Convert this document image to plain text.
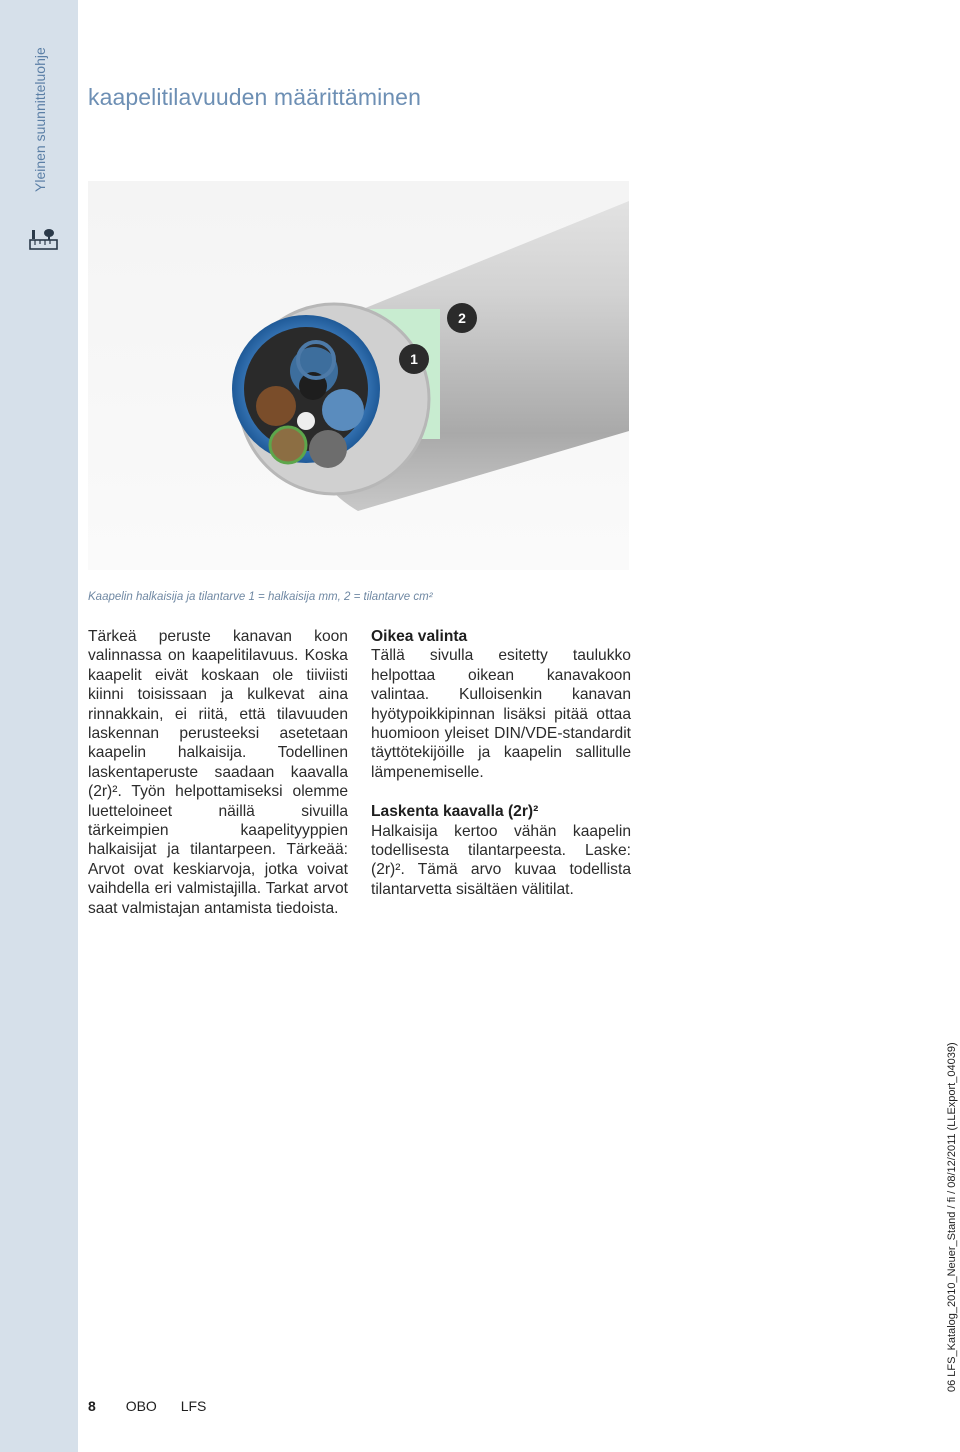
Yleinen suunnitteluohje kaapelitilavuuden määrittäminen
1
2
Kaapelin halkaisija ja tilantarve 1 = halkaisija mm, 2 = tilantarve cm²

Tärkeä peruste kanavan koon valinnassa on kaapelitilavuus. Koska kaapelit eivät koskaan ole tiiviisti kiinni toisissaan ja kulkevat aina rinnakkain, ei riitä, että tilavuuden laskennan perusteeksi asetetaan kaapelin halkaisija. Todellinen laskentaperuste saadaan kaavalla (2r)². Työn helpottamiseksi olemme luetteloineet näillä sivuilla tärkeimpien kaapelityyppien halkaisijat ja tilantarpeen. Tärkeää: Arvot ovat keskiarvoja, jotka voivat vaihdella eri valmistajilla. Tarkat arvot saat valmistajan antamista tiedoista.

Oikea valinta

Tällä sivulla esitetty taulukko helpottaa oikean kanavakoon valintaa. Kulloisenkin kanavan hyötypoikkipinnan lisäksi pitää ottaa huomioon yleiset DIN/VDE-standardit täyttötekijöille ja kaapelin sallitulle lämpenemiselle.

Laskenta kaavalla (2r)²

Halkaisija kertoo vähän kaapelin todellisesta tilantarpeesta. Laske: (2r)². Tämä arvo kuvaa todellista tilantarvetta sisältäen välitilat.

8 OBO LFS
06 LFS_Katalog_2010_Neuer_Stand / fi / 08/12/2011 (LLExport_04039)
